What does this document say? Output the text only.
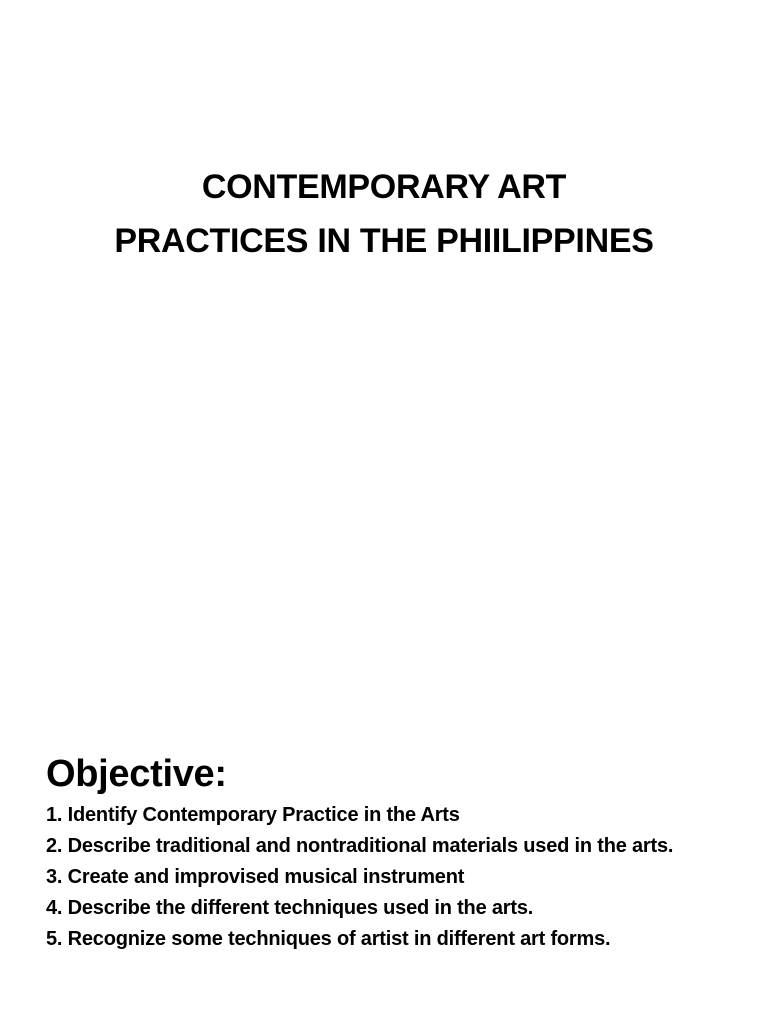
CONTEMPORARY ART
PRACTICES IN THE PHIILIPPINES
Objective:
1. Identify Contemporary Practice in the Arts
2. Describe traditional and nontraditional materials used in the arts.
3. Create and improvised musical instrument
4. Describe the different techniques used in the arts.
5. Recognize some techniques of artist in different art forms.
